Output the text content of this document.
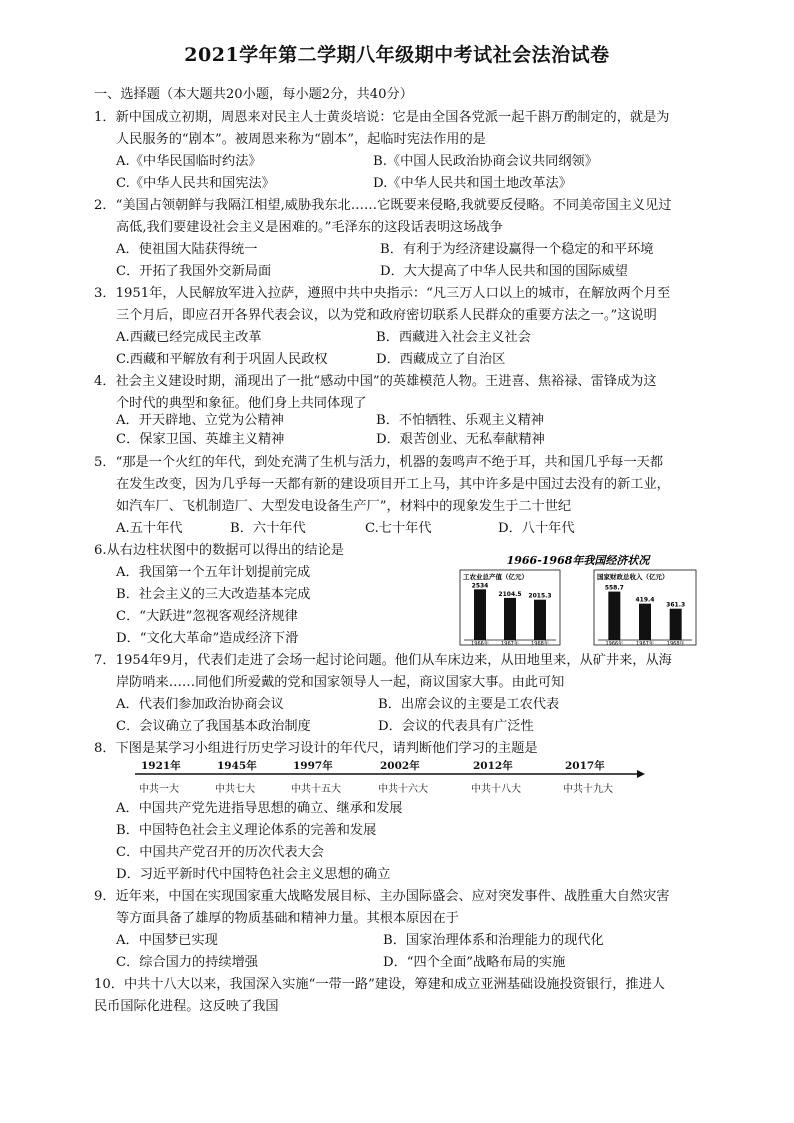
2021学年第二学期八年级期中考试社会法治试卷
一、选择题（本大题共20小题，每小题2分，共40分）
1．新中国成立初期，周恩来对民主人士黄炎培说：它是由全国各党派一起千斟万酌制定的，就是为
人民服务的“剧本”。被周恩来称为“剧本”，起临时宪法作用的是
A.《中华民国临时约法》	B.《中国人民政治协商会议共同纲领》
C.《中华人民共和国宪法》	D.《中华人民共和国土地改革法》
2．“美国占领朝鲜与我隔江相望,威胁我东北……它既要来侵略,我就要反侵略。不同美帝国主义见过
高低,我们要建设社会主义是困难的。”毛泽东的这段话表明这场战争
A．使祖国大陆获得统一	B．有利于为经济建设赢得一个稳定的和平环境
C．开拓了我国外交新局面	D．大大提高了中华人民共和国的国际威望
3．1951年，人民解放军进入拉萨，遵照中共中央指示：“凡三万人口以上的城市，在解放两个月至
三个月后，即应召开各界代表会议，以为党和政府密切联系人民群众的重要方法之一。”这说明
A.西藏已经完成民主改革	B．西藏进入社会主义社会
C.西藏和平解放有利于巩固人民政权	D．西藏成立了自治区
4．社会主义建设时期，涌现出了一批“感动中国”的英雄模范人物。王进喜、焦裕禄、雷锋成为这
个时代的典型和象征。他们身上共同体现了
A．开天辟地、立党为公精神	B．不怕牺牲、乐观主义精神
C．保家卫国、英雄主义精神	D．艰苦创业、无私奉献精神
5．“那是一个火红的年代，到处充满了生机与活力，机器的轰鸣声不绝于耳，共和国几乎每一天都
在发生改变，因为几乎每一天都有新的建设项目开工上马，其中许多是中国过去没有的新工业，
如汽车厂、飞机制造厂、大型发电设备生产厂”，材料中的现象发生于二十世纪
A.五十年代	B．六十年代	C.七十年代	D．八十年代
6.从右边柱状图中的数据可以得出的结论是
A．我国第一个五年计划提前完成
B．社会主义的三大改造基本完成
C．“大跃进”忽视客观经济规律
D．“文化大革命”造成经济下滑
1966-1968年我国经济状况
工农业总产值（亿元）
2534
1966年
2104.5
1967年
2015.3
1968年
国家财政总收入（亿元）
558.7
1966年
419.4
1967年
361.3
1968年
7．1954年9月，代表们走进了会场一起讨论问题。他们从车床边来，从田地里来，从矿井来，从海
岸防哨来……同他们所爱戴的党和国家领导人一起，商议国家大事。由此可知
A．代表们参加政治协商会议	B．出席会议的主要是工农代表
C．会议确立了我国基本政治制度	D．会议的代表具有广泛性
8．下图是某学习小组进行历史学习设计的年代尺，请判断他们学习的主题是
1921年
中共一大
1945年
中共七大
1997年
中共十五大
2002年
中共十六大
2012年
中共十八大
2017年
中共十九大
A．中国共产党先进指导思想的确立、继承和发展
B．中国特色社会主义理论体系的完善和发展
C．中国共产党召开的历次代表大会
D．习近平新时代中国特色社会主义思想的确立
9．近年来，中国在实现国家重大战略发展目标、主办国际盛会、应对突发事件、战胜重大自然灾害
等方面具备了雄厚的物质基础和精神力量。其根本原因在于
A．中国梦已实现	B．国家治理体系和治理能力的现代化
C．综合国力的持续增强	D．“四个全面”战略布局的实施
10．中共十八大以来，我国深入实施“一带一路”建设，筹建和成立亚洲基础设施投资银行，推进人
民币国际化进程。这反映了我国
